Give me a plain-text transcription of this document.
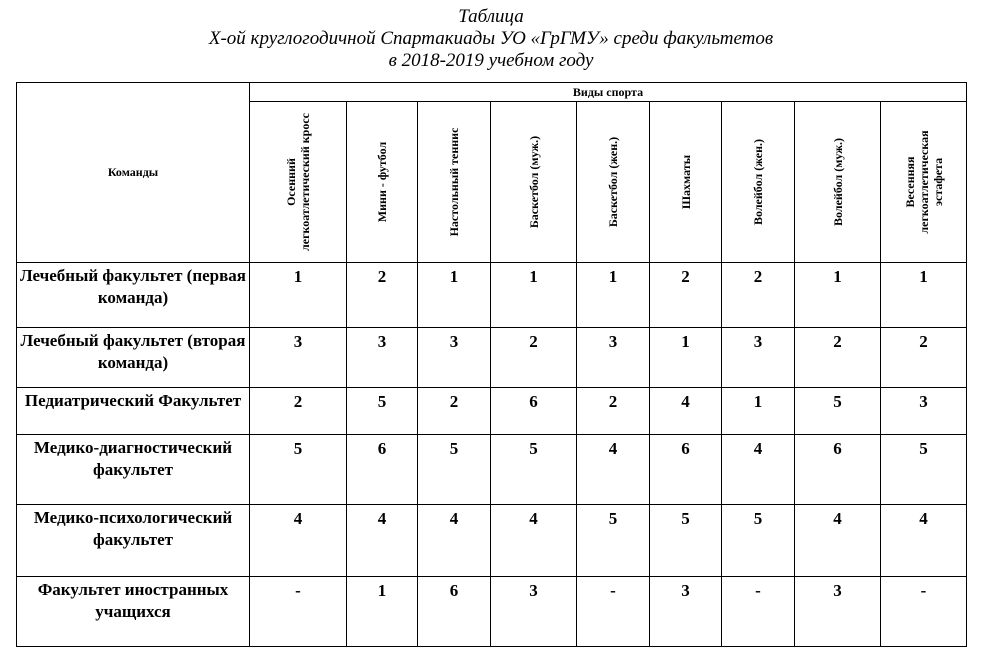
Таблица
X-ой круглогодичной Спартакиады УО «ГрГМУ» среди факультетов
в 2018-2019 учебном году
Команды	Виды спорта								

	Осенний легкоатлетический кросс	Мини - футбол	Настольный теннис	Баскетбол (муж.)	Баскетбол (жен.)	Шахматы	Волейбол (жен.)	Волейбол (муж.)	Весенняя легкоатлетическая эстафета

Лечебный факультет (первая команда)	1	2	1	1	1	2	2	1	1
Лечебный факультет (вторая команда)	3	3	3	2	3	1	3	2	2
Педиатрический Факультет	2	5	2	6	2	4	1	5	3
Медико-диагностический факультет	5	6	5	5	4	6	4	6	5
Медико-психологический факультет	4	4	4	4	5	5	5	4	4
Факультет иностранных учащихся	-	1	6	3	-	3	-	3	-
